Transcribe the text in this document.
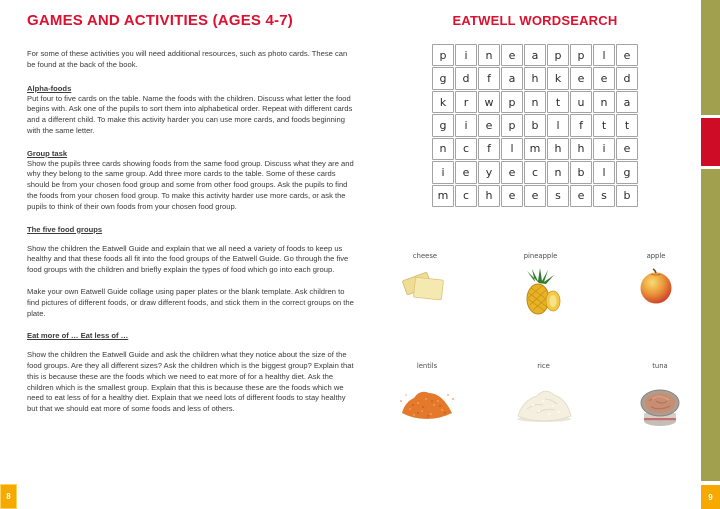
GAMES AND ACTIVITIES (AGES 4-7)

For some of these activities you will need additional resources, such as photo cards. These can be found at the back of the book.

Alpha-foods

Put four to five cards on the table. Name the foods with the children. Discuss what letter the food begins with. Ask one of the pupils to sort them into alphabetical order. Repeat with different cards and a different child. To make this activity harder you can use more cards, and foods beginning with the same letter.

Group task

Show the pupils three cards showing foods from the same food group. Discuss what they are and why they belong to the same group. Add three more cards to the table. Some of these cards should be from your chosen food group and some from other food groups. Ask the pupils to find the foods from your chosen food group. To make this activity harder use more cards, or ask the pupils to think of their own foods from your chosen food group.

The five food groups

Show the children the Eatwell Guide and explain that we all need a variety of foods to keep us healthy and that these foods all fit into the food groups of the Eatwell Guide. Go through the five food groups with the children and briefly explain the types of food which go into each group.

Make your own Eatwell Guide collage using paper plates or the blank template. Ask children to find pictures of different foods, or draw different foods, and stick them in the correct groups on the plate.

Eat more of … Eat less of …

Show the children the Eatwell Guide and ask the children what they notice about the size of the food groups. Are they all different sizes? Ask the children which is the biggest group? Explain that this is because these are the foods which we need to eat more of for a healthy diet. Ask the children which is the smallest group. Explain that this is because these are the foods which we need to eat less of for a healthy diet. Explain that we need lots of different foods to stay healthy but that we should eat more of some foods and less of others.

EATWELL WORDSEARCH
p	i	n	e	a	p	p	l	e
g	d	f	a	h	k	e	e	d
k	r	w	p	n	t	u	n	a
g	i	e	p	b	l	f	t	t
n	c	f	l	m	h	h	i	e
i	e	y	e	c	n	b	l	g
m	c	h	e	e	s	e	s	b
cheese	pineapple	apple
lentils	rice	tuna
8	9
